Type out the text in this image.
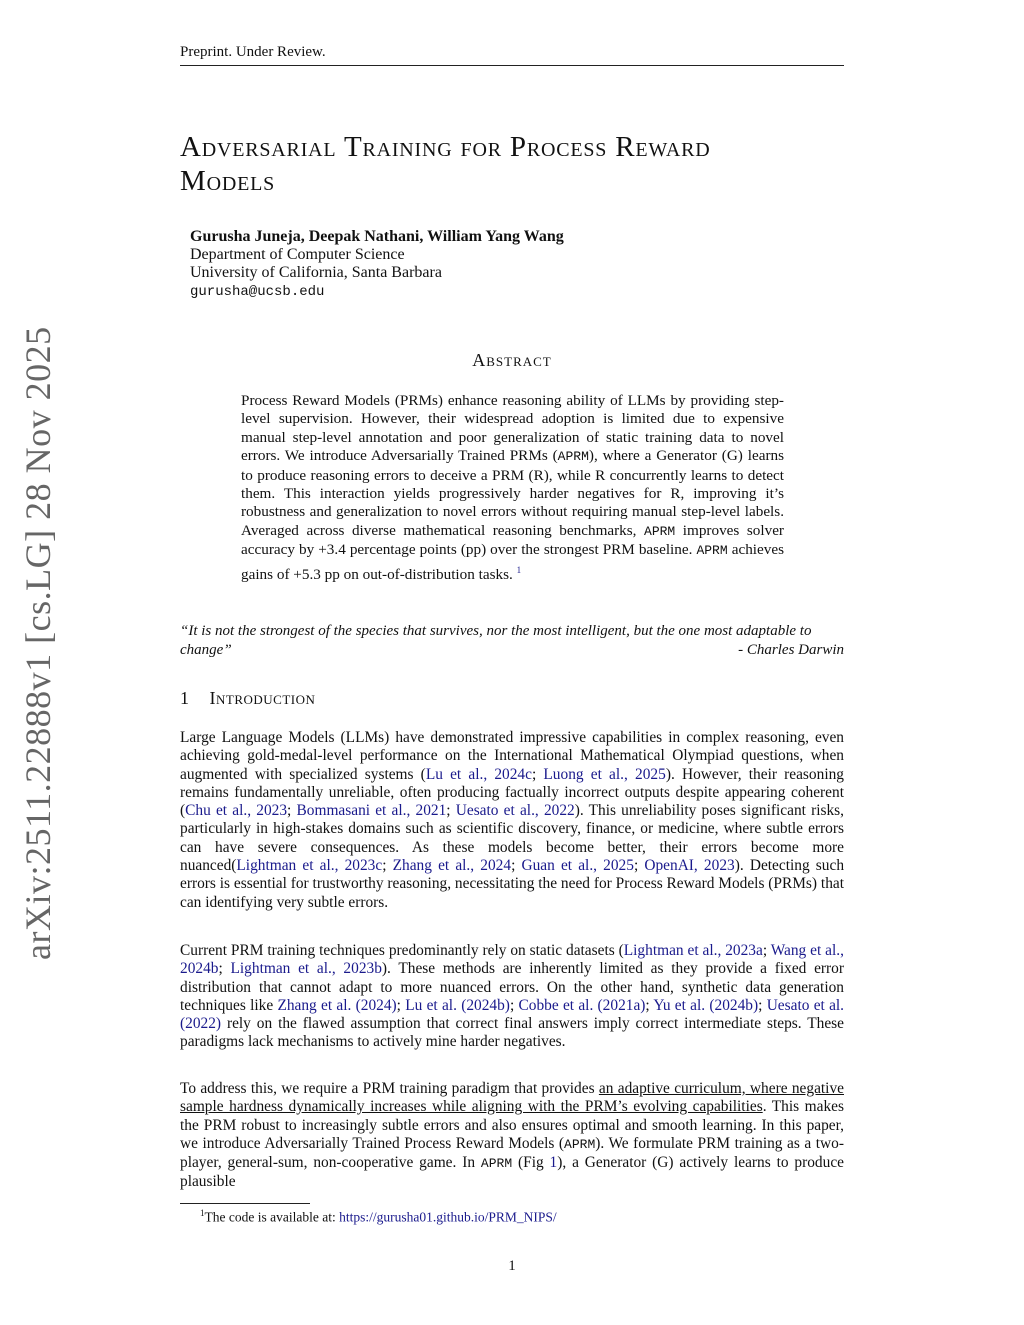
Preprint. Under Review.
arXiv:2511.22888v1 [cs.LG] 28 Nov 2025
Adversarial Training for Process Reward
Models
Gurusha Juneja, Deepak Nathani, William Yang Wang
Department of Computer Science
University of California, Santa Barbara
gurusha@ucsb.edu
Abstract
Process Reward Models (PRMs) enhance reasoning ability of LLMs by providing step-level supervision. However, their widespread adoption is limited due to expensive manual step-level annotation and poor generalization of static training data to novel errors. We introduce Adversarially Trained PRMs (APRM), where a Generator (G) learns to produce reasoning errors to deceive a PRM (R), while R concurrently learns to detect them. This interaction yields progressively harder negatives for R, improving it’s robustness and generalization to novel errors without requiring manual step-level labels. Averaged across diverse mathematical reasoning benchmarks, APRM improves solver accuracy by +3.4 percentage points (pp) over the strongest PRM baseline. APRM achieves gains of +5.3 pp on out-of-distribution tasks. $^1$
“It is not the strongest of the species that survives, nor the most intelligent, but the one most adaptable to change”	- Charles Darwin
1 Introduction
Large Language Models (LLMs) have demonstrated impressive capabilities in complex reasoning, even achieving gold-medal-level performance on the International Mathematical Olympiad questions, when augmented with specialized systems (Lu et al., 2024c; Luong et al., 2025). However, their reasoning remains fundamentally unreliable, often producing factually incorrect outputs despite appearing coherent (Chu et al., 2023; Bommasani et al., 2021; Uesato et al., 2022). This unreliability poses significant risks, particularly in high-stakes domains such as scientific discovery, finance, or medicine, where subtle errors can have severe consequences. As these models become better, their errors become more nuanced(Lightman et al., 2023c; Zhang et al., 2024; Guan et al., 2025; OpenAI, 2023). Detecting such errors is essential for trustworthy reasoning, necessitating the need for Process Reward Models (PRMs) that can identifying very subtle errors.
Current PRM training techniques predominantly rely on static datasets (Lightman et al., 2023a; Wang et al., 2024b; Lightman et al., 2023b). These methods are inherently limited as they provide a fixed error distribution that cannot adapt to more nuanced errors. On the other hand, synthetic data generation techniques like Zhang et al. (2024); Lu et al. (2024b); Cobbe et al. (2021a); Yu et al. (2024b); Uesato et al. (2022) rely on the flawed assumption that correct final answers imply correct intermediate steps. These paradigms lack mechanisms to actively mine harder negatives.
To address this, we require a PRM training paradigm that provides an adaptive curriculum, where negative sample hardness dynamically increases while aligning with the PRM’s evolving capabilities. This makes the PRM robust to increasingly subtle errors and also ensures optimal and smooth learning. In this paper, we introduce Adversarially Trained Process Reward Models (APRM). We formulate PRM training as a two-player, general-sum, non-cooperative game. In APRM (Fig 1), a Generator (G) actively learns to produce plausible
$^1$The code is available at: https://gurusha01.github.io/PRM_NIPS/
1
